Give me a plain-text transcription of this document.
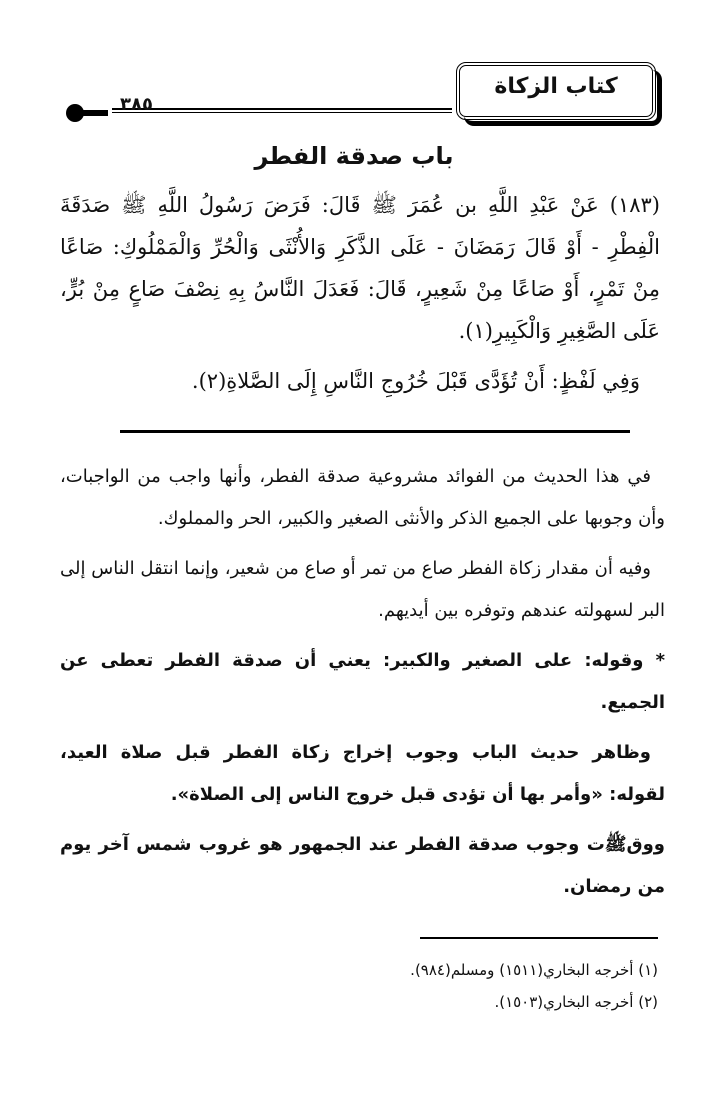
كتاب الزكاة
٣٨٥
باب صدقة الفطر

(١٨٣) عَنْ عَبْدِ اللَّهِ بن عُمَرَ ﷺ قَالَ: فَرَضَ رَسُولُ اللَّهِ ﷺ صَدَقَةَ الْفِطْرِ - أَوْ قَالَ رَمَضَانَ - عَلَى الذَّكَرِ وَالأُنْثَى وَالْحُرِّ وَالْمَمْلُوكِ: صَاعًا مِنْ تَمْرٍ، أَوْ صَاعًا مِنْ شَعِيرٍ، قَالَ: فَعَدَلَ النَّاسُ بِهِ نِصْفَ صَاعٍ مِنْ بُرٍّ، عَلَى الصَّغِيرِ وَالْكَبِيرِ(١).

وَفِي لَفْظٍ: أَنْ تُؤَدَّى قَبْلَ خُرُوجِ النَّاسِ إِلَى الصَّلاةِ(٢).

في هذا الحديث من الفوائد مشروعية صدقة الفطر، وأنها واجب من الواجبات، وأن وجوبها على الجميع الذكر والأنثى الصغير والكبير، الحر والمملوك.

وفيه أن مقدار زكاة الفطر صاع من تمر أو صاع من شعير، وإنما انتقل الناس إلى البر لسهولته عندهم وتوفره بين أيديهم.

* وقوله: على الصغير والكبير: يعني أن صدقة الفطر تعطى عن الجميع.

وظاهر حديث الباب وجوب إخراج زكاة الفطر قبل صلاة العيد، لقوله: «وأمر بها أن تؤدى قبل خروج الناس إلى الصلاة».

ووقﷺت وجوب صدقة الفطر عند الجمهور هو غروب شمس آخر يوم من رمضان.

(١) أخرجه البخاري(١٥١١) ومسلم(٩٨٤).
(٢) أخرجه البخاري(١٥٠٣).
